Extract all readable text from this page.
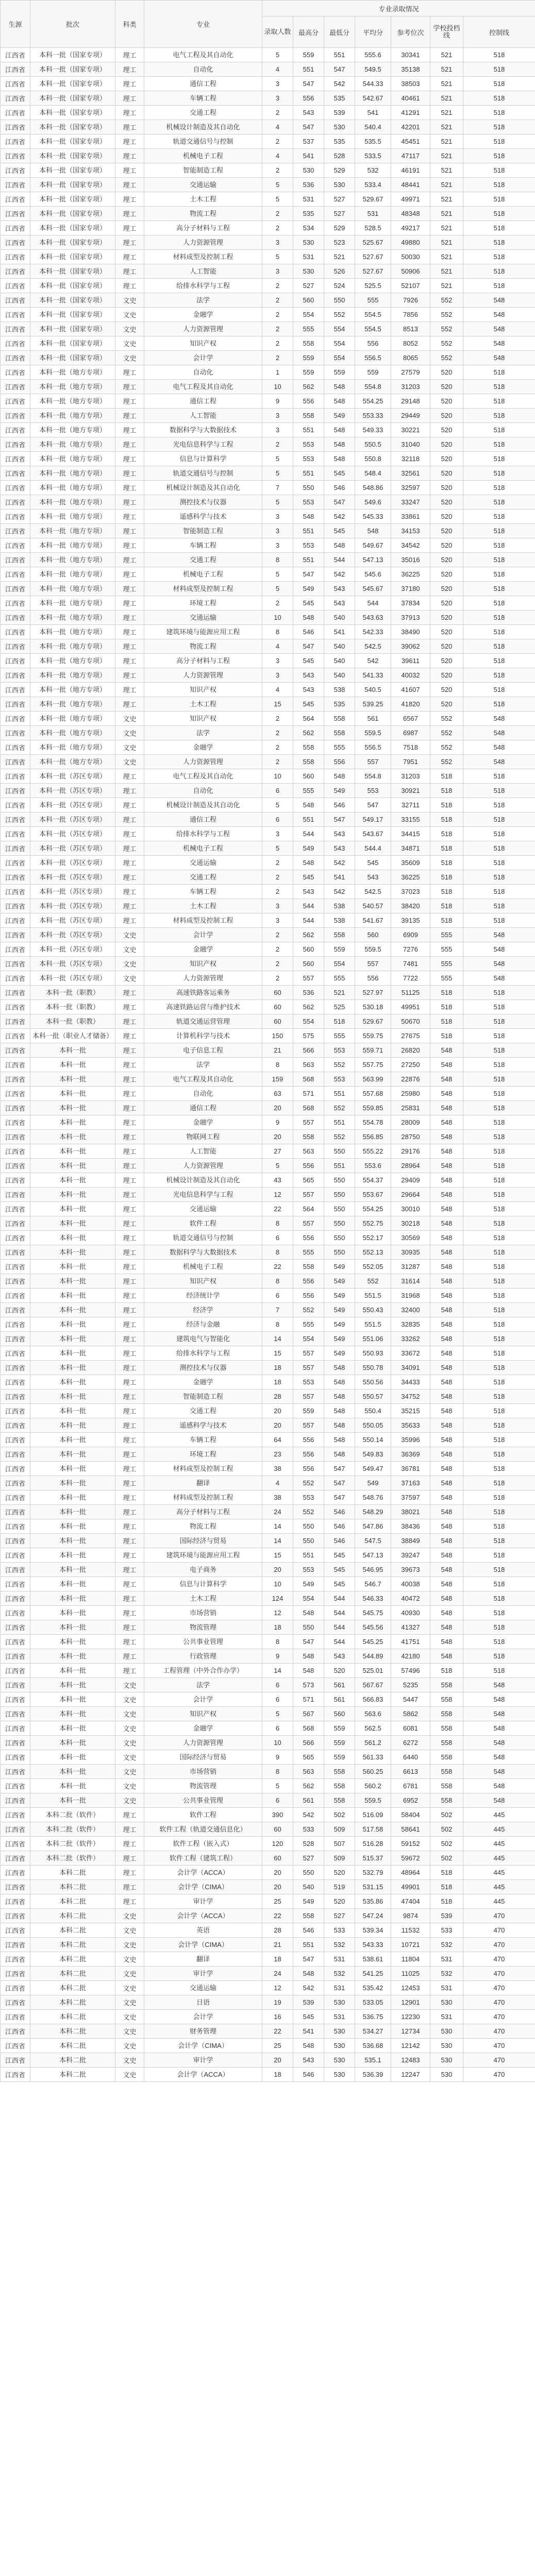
生源	批次	科类	专业	专业录取情况						
				录取人数	最高分	最低分	平均分	参考位次	学校投档线	控制线
江西省	本科一批（国家专项）	理工	电气工程及其自动化	5	559	551	555.6	30341	521	518
江西省	本科一批（国家专项）	理工	自动化	4	551	547	549.5	35138	521	518
江西省	本科一批（国家专项）	理工	通信工程	3	547	542	544.33	38503	521	518
江西省	本科一批（国家专项）	理工	车辆工程	3	556	535	542.67	40461	521	518
江西省	本科一批（国家专项）	理工	交通工程	2	543	539	541	41291	521	518
江西省	本科一批（国家专项）	理工	机械设计制造及其自动化	4	547	530	540.4	42201	521	518
江西省	本科一批（国家专项）	理工	轨道交通信号与控制	2	537	535	535.5	45451	521	518
江西省	本科一批（国家专项）	理工	机械电子工程	4	541	528	533.5	47117	521	518
江西省	本科一批（国家专项）	理工	智能制造工程	2	530	529	532	46191	521	518
江西省	本科一批（国家专项）	理工	交通运输	5	536	530	533.4	48441	521	518
江西省	本科一批（国家专项）	理工	土木工程	5	531	527	529.67	49971	521	518
江西省	本科一批（国家专项）	理工	物流工程	2	535	527	531	48348	521	518
江西省	本科一批（国家专项）	理工	高分子材料与工程	2	534	529	528.5	49217	521	518
江西省	本科一批（国家专项）	理工	人力资源管理	3	530	523	525.67	49880	521	518
江西省	本科一批（国家专项）	理工	材料成型及控制工程	5	531	521	527.67	50030	521	518
江西省	本科一批（国家专项）	理工	人工智能	3	530	526	527.67	50906	521	518
江西省	本科一批（国家专项）	理工	给排水科学与工程	2	527	524	525.5	52107	521	518
江西省	本科一批（国家专项）	文史	法学	2	560	550	555	7926	552	548
江西省	本科一批（国家专项）	文史	金融学	2	554	552	554.5	7856	552	548
江西省	本科一批（国家专项）	文史	人力资源管理	2	555	554	554.5	8513	552	548
江西省	本科一批（国家专项）	文史	知识产权	2	558	554	556	8052	552	548
江西省	本科一批（国家专项）	文史	会计学	2	559	554	556.5	8065	552	548
江西省	本科一批（地方专项）	理工	自动化	1	559	559	559	27579	520	518
江西省	本科一批（地方专项）	理工	电气工程及其自动化	10	562	548	554.8	31203	520	518
江西省	本科一批（地方专项）	理工	通信工程	9	556	548	554.25	29148	520	518
江西省	本科一批（地方专项）	理工	人工智能	3	558	549	553.33	29449	520	518
江西省	本科一批（地方专项）	理工	数据科学与大数据技术	3	551	548	549.33	30221	520	518
江西省	本科一批（地方专项）	理工	光电信息科学与工程	2	553	548	550.5	31040	520	518
江西省	本科一批（地方专项）	理工	信息与计算科学	5	553	548	550.8	32118	520	518
江西省	本科一批（地方专项）	理工	轨道交通信号与控制	5	551	545	548.4	32561	520	518
江西省	本科一批（地方专项）	理工	机械设计制造及其自动化	7	550	546	548.86	32597	520	518
江西省	本科一批（地方专项）	理工	测控技术与仪器	5	553	547	549.6	33247	520	518
江西省	本科一批（地方专项）	理工	遥感科学与技术	3	548	542	545.33	33861	520	518
江西省	本科一批（地方专项）	理工	智能制造工程	3	551	545	548	34153	520	518
江西省	本科一批（地方专项）	理工	车辆工程	3	553	548	549.67	34542	520	518
江西省	本科一批（地方专项）	理工	交通工程	8	551	544	547.13	35016	520	518
江西省	本科一批（地方专项）	理工	机械电子工程	5	547	542	545.6	36225	520	518
江西省	本科一批（地方专项）	理工	材料成型及控制工程	5	549	543	545.67	37180	520	518
江西省	本科一批（地方专项）	理工	环境工程	2	545	543	544	37834	520	518
江西省	本科一批（地方专项）	理工	交通运输	10	548	540	543.63	37913	520	518
江西省	本科一批（地方专项）	理工	建筑环境与能源应用工程	8	546	541	542.33	38490	520	518
江西省	本科一批（地方专项）	理工	物流工程	4	547	540	542.5	39062	520	518
江西省	本科一批（地方专项）	理工	高分子材料与工程	3	545	540	542	39611	520	518
江西省	本科一批（地方专项）	理工	人力资源管理	3	543	540	541.33	40032	520	518
江西省	本科一批（地方专项）	理工	知识产权	4	543	538	540.5	41607	520	518
江西省	本科一批（地方专项）	理工	土木工程	15	545	535	539.25	41820	520	518
江西省	本科一批（地方专项）	文史	知识产权	2	564	558	561	6567	552	548
江西省	本科一批（地方专项）	文史	法学	2	562	558	559.5	6987	552	548
江西省	本科一批（地方专项）	文史	金融学	2	558	555	556.5	7518	552	548
江西省	本科一批（地方专项）	文史	人力资源管理	2	558	556	557	7951	552	548
江西省	本科一批（苏区专项）	理工	电气工程及其自动化	10	560	548	554.8	31203	518	518
江西省	本科一批（苏区专项）	理工	自动化	6	555	549	553	30921	518	518
江西省	本科一批（苏区专项）	理工	机械设计制造及其自动化	5	548	546	547	32711	518	518
江西省	本科一批（苏区专项）	理工	通信工程	6	551	547	549.17	33155	518	518
江西省	本科一批（苏区专项）	理工	给排水科学与工程	3	544	543	543.67	34415	518	518
江西省	本科一批（苏区专项）	理工	机械电子工程	5	549	543	544.4	34871	518	518
江西省	本科一批（苏区专项）	理工	交通运输	2	548	542	545	35609	518	518
江西省	本科一批（苏区专项）	理工	交通工程	2	545	541	543	36225	518	518
江西省	本科一批（苏区专项）	理工	车辆工程	2	543	542	542.5	37023	518	518
江西省	本科一批（苏区专项）	理工	土木工程	3	544	538	540.57	38420	518	518
江西省	本科一批（苏区专项）	理工	材料成型及控制工程	3	544	538	541.67	39135	518	518
江西省	本科一批（苏区专项）	文史	会计学	2	562	558	560	6909	555	548
江西省	本科一批（苏区专项）	文史	金融学	2	560	559	559.5	7276	555	548
江西省	本科一批（苏区专项）	文史	知识产权	2	560	554	557	7481	555	548
江西省	本科一批（苏区专项）	文史	人力资源管理	2	557	555	556	7722	555	548
江西省	本科一批（职教）	理工	高速铁路客运乘务	60	536	521	527.97	51125	518	518
江西省	本科一批（职教）	理工	高速铁路运营与维护技术	60	562	525	530.18	49951	518	518
江西省	本科一批（职教）	理工	轨道交通运营管理	60	554	518	529.67	50670	518	518
江西省	本科一批（职业人才储备）	理工	计算机科学与技术	150	575	555	559.75	27675	518	518
江西省	本科一批	理工	电子信息工程	21	566	553	559.71	26820	548	518
江西省	本科一批	理工	法学	8	563	552	557.75	27250	548	518
江西省	本科一批	理工	电气工程及其自动化	159	568	553	563.99	22876	548	518
江西省	本科一批	理工	自动化	63	571	551	557.68	25980	548	518
江西省	本科一批	理工	通信工程	20	568	552	559.85	25831	548	518
江西省	本科一批	理工	金融学	9	557	551	554.78	28009	548	518
江西省	本科一批	理工	物联网工程	20	558	552	556.85	28750	548	518
江西省	本科一批	理工	人工智能	27	563	550	555.22	29176	548	518
江西省	本科一批	理工	人力资源管理	5	556	551	553.6	28964	548	518
江西省	本科一批	理工	机械设计制造及其自动化	43	565	550	554.37	29409	548	518
江西省	本科一批	理工	光电信息科学与工程	12	557	550	553.67	29664	548	518
江西省	本科一批	理工	交通运输	22	564	550	554.25	30010	548	518
江西省	本科一批	理工	软件工程	8	557	550	552.75	30218	548	518
江西省	本科一批	理工	轨道交通信号与控制	6	556	550	552.17	30569	548	518
江西省	本科一批	理工	数据科学与大数据技术	8	555	550	552.13	30935	548	518
江西省	本科一批	理工	机械电子工程	22	558	549	552.05	31287	548	518
江西省	本科一批	理工	知识产权	8	556	549	552	31614	548	518
江西省	本科一批	理工	经济统计学	6	556	549	551.5	31968	548	518
江西省	本科一批	理工	经济学	7	552	549	550.43	32400	548	518
江西省	本科一批	理工	经济与金融	8	555	549	551.5	32835	548	518
江西省	本科一批	理工	建筑电气与智能化	14	554	549	551.06	33262	548	518
江西省	本科一批	理工	给排水科学与工程	15	557	549	550.93	33672	548	518
江西省	本科一批	理工	测控技术与仪器	18	557	548	550.78	34091	548	518
江西省	本科一批	理工	金融学	18	553	548	550.56	34433	548	518
江西省	本科一批	理工	智能制造工程	28	557	548	550.57	34752	548	518
江西省	本科一批	理工	交通工程	20	559	548	550.4	35215	548	518
江西省	本科一批	理工	遥感科学与技术	20	557	548	550.05	35633	548	518
江西省	本科一批	理工	车辆工程	64	556	548	550.14	35996	548	518
江西省	本科一批	理工	环境工程	23	556	548	549.83	36369	548	518
江西省	本科一批	理工	材料成型及控制工程	38	556	547	549.47	36781	548	518
江西省	本科一批	理工	翻译	4	552	547	549	37163	548	518
江西省	本科一批	理工	材料成型及控制工程	38	553	547	548.76	37597	548	518
江西省	本科一批	理工	高分子材料与工程	24	552	546	548.29	38021	548	518
江西省	本科一批	理工	物流工程	14	550	546	547.86	38436	548	518
江西省	本科一批	理工	国际经济与贸易	14	550	546	547.5	38849	548	518
江西省	本科一批	理工	建筑环境与能源应用工程	15	551	545	547.13	39247	548	518
江西省	本科一批	理工	电子商务	20	553	545	546.95	39673	548	518
江西省	本科一批	理工	信息与计算科学	10	549	545	546.7	40038	548	518
江西省	本科一批	理工	土木工程	124	554	544	546.33	40472	548	518
江西省	本科一批	理工	市场营销	12	548	544	545.75	40930	548	518
江西省	本科一批	理工	物流管理	18	550	544	545.56	41327	548	518
江西省	本科一批	理工	公共事业管理	8	547	544	545.25	41751	548	518
江西省	本科一批	理工	行政管理	9	548	543	544.89	42180	548	518
江西省	本科一批	理工	工程管理（中外合作办学）	14	548	520	525.01	57496	518	518
江西省	本科一批	文史	法学	6	573	561	567.67	5235	558	548
江西省	本科一批	文史	会计学	6	571	561	566.83	5447	558	548
江西省	本科一批	文史	知识产权	5	567	560	563.6	5862	558	548
江西省	本科一批	文史	金融学	6	568	559	562.5	6081	558	548
江西省	本科一批	文史	人力资源管理	10	566	559	561.2	6272	558	548
江西省	本科一批	文史	国际经济与贸易	9	565	559	561.33	6440	558	548
江西省	本科一批	文史	市场营销	8	563	558	560.25	6613	558	548
江西省	本科一批	文史	物流管理	5	562	558	560.2	6781	558	548
江西省	本科一批	文史	公共事业管理	6	561	558	559.5	6952	558	548
江西省	本科二批（软件）	理工	软件工程	390	542	502	516.09	58404	502	445
江西省	本科二批（软件）	理工	软件工程（轨道交通信息化）	60	533	509	517.58	58641	502	445
江西省	本科二批（软件）	理工	软件工程（嵌入式）	120	528	507	516.28	59152	502	445
江西省	本科二批（软件）	理工	软件工程（建筑工程）	60	527	509	515.37	59672	502	445
江西省	本科二批	理工	会计学（ACCA）	20	550	520	532.79	48964	518	445
江西省	本科二批	理工	会计学（CIMA）	20	540	519	531.15	49901	518	445
江西省	本科二批	理工	审计学	25	549	520	535.86	47404	518	445
江西省	本科二批	文史	会计学（ACCA）	22	558	527	547.24	9874	539	470
江西省	本科二批	文史	英语	28	546	533	539.34	11532	533	470
江西省	本科二批	文史	会计学（CIMA）	21	551	532	543.33	10721	532	470
江西省	本科二批	文史	翻译	18	547	531	538.61	11804	531	470
江西省	本科二批	文史	审计学	24	548	532	541.25	11025	532	470
江西省	本科二批	文史	交通运输	12	542	531	535.42	12453	531	470
江西省	本科二批	文史	日语	19	539	530	533.05	12901	530	470
江西省	本科二批	文史	会计学	16	545	531	536.75	12230	531	470
江西省	本科二批	文史	财务管理	22	541	530	534.27	12734	530	470
江西省	本科二批	文史	会计学（CIMA）	25	548	530	536.68	12142	530	470
江西省	本科二批	文史	审计学	20	543	530	535.1	12483	530	470
江西省	本科二批	文史	会计学（ACCA）	18	546	530	536.39	12247	530	470
